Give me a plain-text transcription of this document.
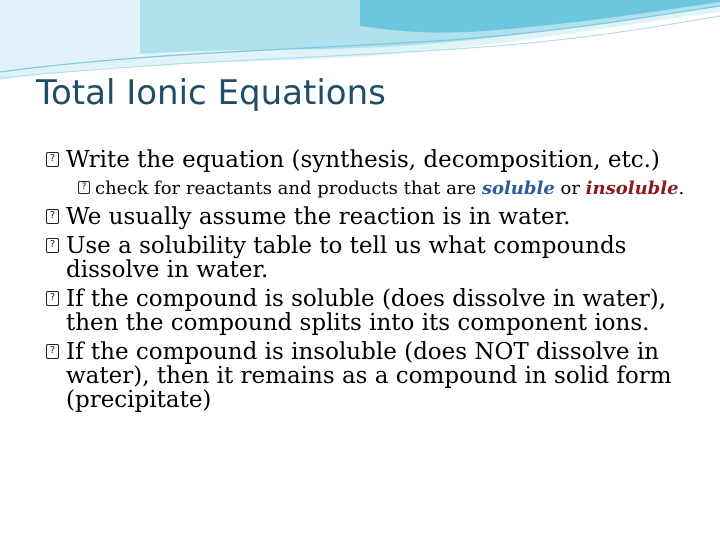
Total Ionic Equations
? Write the equation (synthesis, decomposition, etc.)
? check for reactants and products that are soluble or insoluble.
? We usually assume the reaction is in water.
? Use a solubility table to tell us what compounds dissolve in water.
? If the compound is soluble (does dissolve in water), then the compound splits into its component ions.
? If the compound is insoluble (does NOT dissolve in water), then it remains as a compound in solid form (precipitate)
